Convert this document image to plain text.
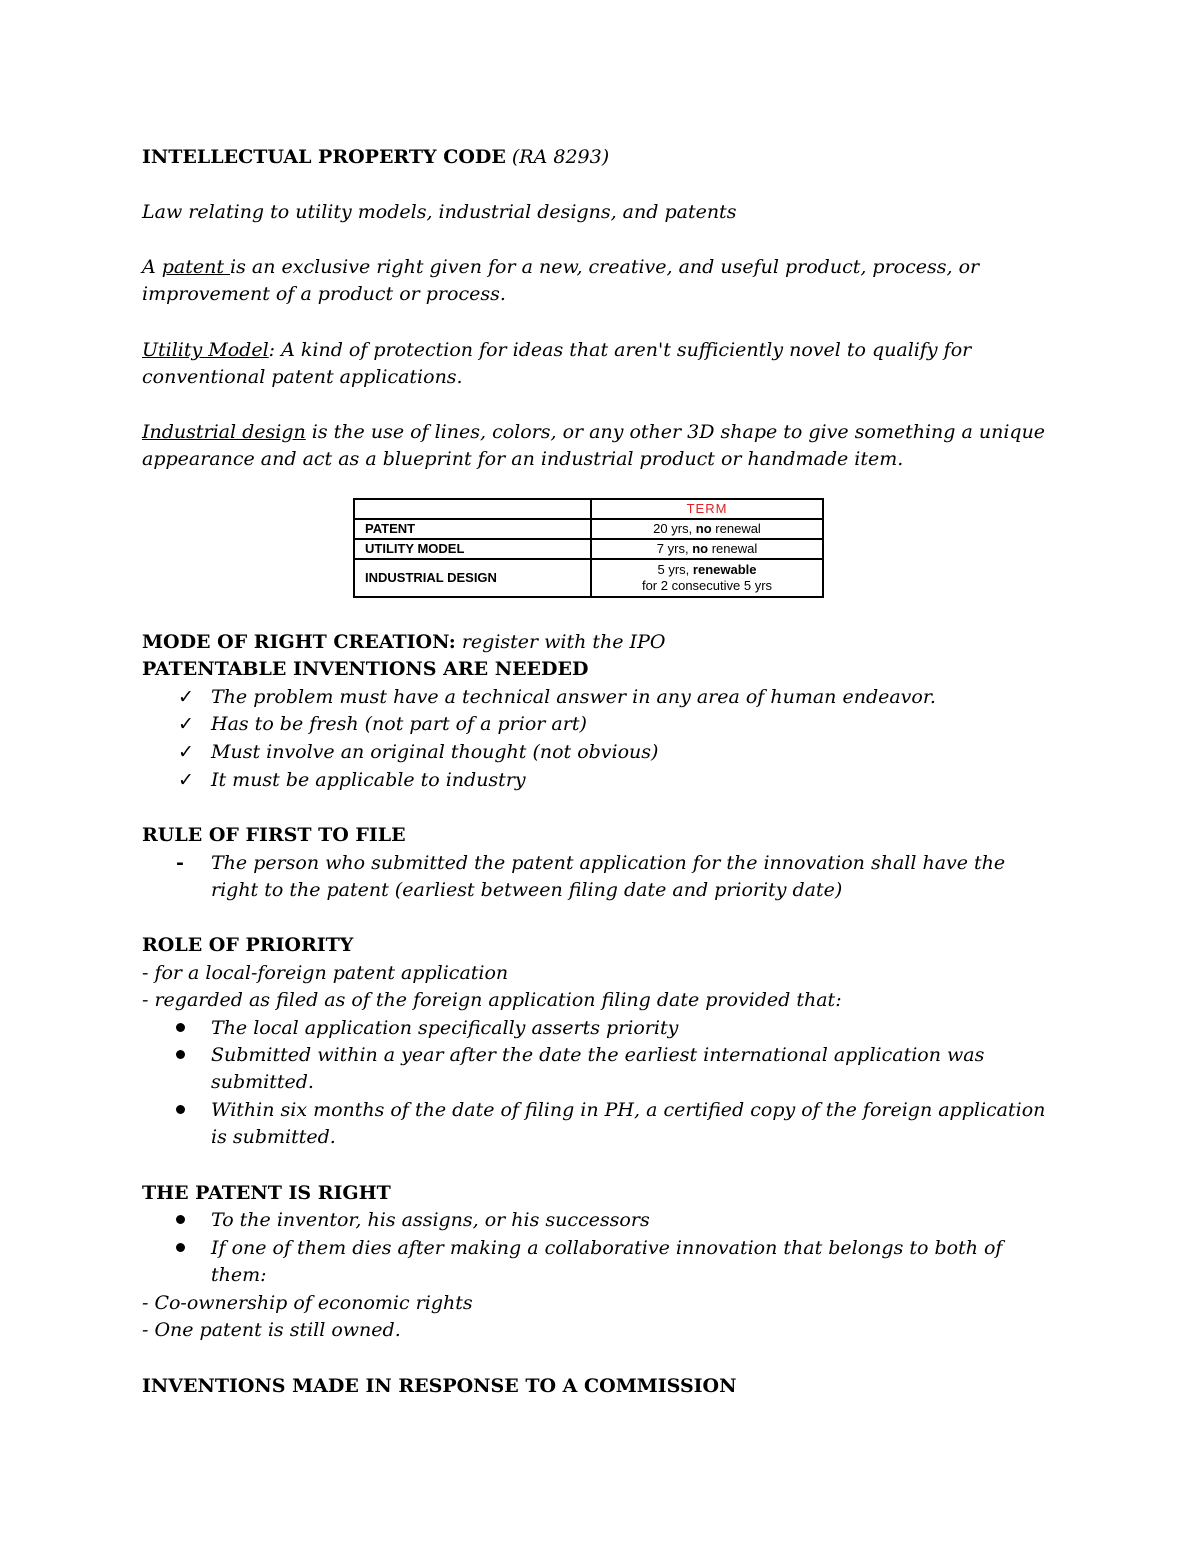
INTELLECTUAL PROPERTY CODE (RA 8293)
Law relating to utility models, industrial designs, and patents
A patent is an exclusive right given for a new, creative, and useful product, process, or
improvement of a product or process.
Utility Model: A kind of protection for ideas that aren't sufficiently novel to qualify for
conventional patent applications.
Industrial design is the use of lines, colors, or any other 3D shape to give something a unique
appearance and act as a blueprint for an industrial product or handmade item.
	TERM
PATENT	20 yrs, no renewal
UTILITY MODEL	7 yrs, no renewal
INDUSTRIAL DESIGN	5 yrs, renewable
for 2 consecutive 5 yrs
MODE OF RIGHT CREATION: register with the IPO
PATENTABLE INVENTIONS ARE NEEDED
✓ The problem must have a technical answer in any area of human endeavor.
✓ Has to be fresh (not part of a prior art)
✓ Must involve an original thought (not obvious)
✓ It must be applicable to industry
RULE OF FIRST TO FILE
- The person who submitted the patent application for the innovation shall have the
right to the patent (earliest between filing date and priority date)
ROLE OF PRIORITY
- for a local-foreign patent application
- regarded as filed as of the foreign application filing date provided that:
The local application specifically asserts priority
Submitted within a year after the date the earliest international application was
submitted.
Within six months of the date of filing in PH, a certified copy of the foreign application
is submitted.
THE PATENT IS RIGHT
To the inventor, his assigns, or his successors
If one of them dies after making a collaborative innovation that belongs to both of
them:
- Co-ownership of economic rights
- One patent is still owned.
INVENTIONS MADE IN RESPONSE TO A COMMISSION
